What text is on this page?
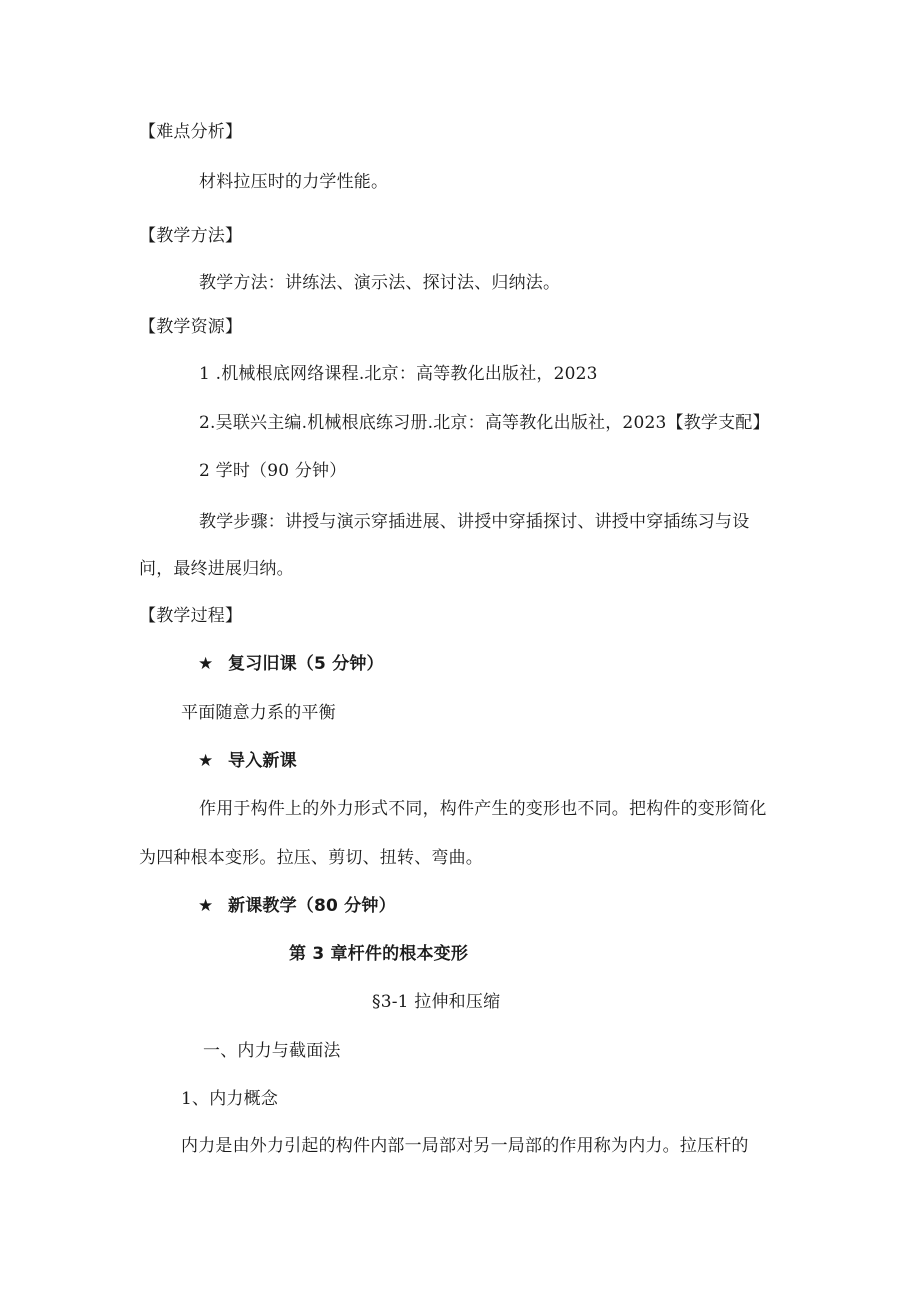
【难点分析】
材料拉压时的力学性能。
【教学方法】
教学方法：讲练法、演示法、探讨法、归纳法。
【教学资源】
1 .机械根底网络课程.北京：高等教化出版社，2023
2.吴联兴主编.机械根底练习册.北京：高等教化出版社，2023【教学支配】
2 学时（90 分钟）
教学步骤：讲授与演示穿插进展、讲授中穿插探讨、讲授中穿插练习与设
问，最终进展归纳。
【教学过程】
★ 复习旧课（5 分钟）
平面随意力系的平衡
★ 导入新课
作用于构件上的外力形式不同，构件产生的变形也不同。把构件的变形简化
为四种根本变形。拉压、剪切、扭转、弯曲。
★ 新课教学（80 分钟）
第 3 章杆件的根本变形
§3-1 拉伸和压缩
一、内力与截面法
1、内力概念
内力是由外力引起的构件内部一局部对另一局部的作用称为内力。拉压杆的
